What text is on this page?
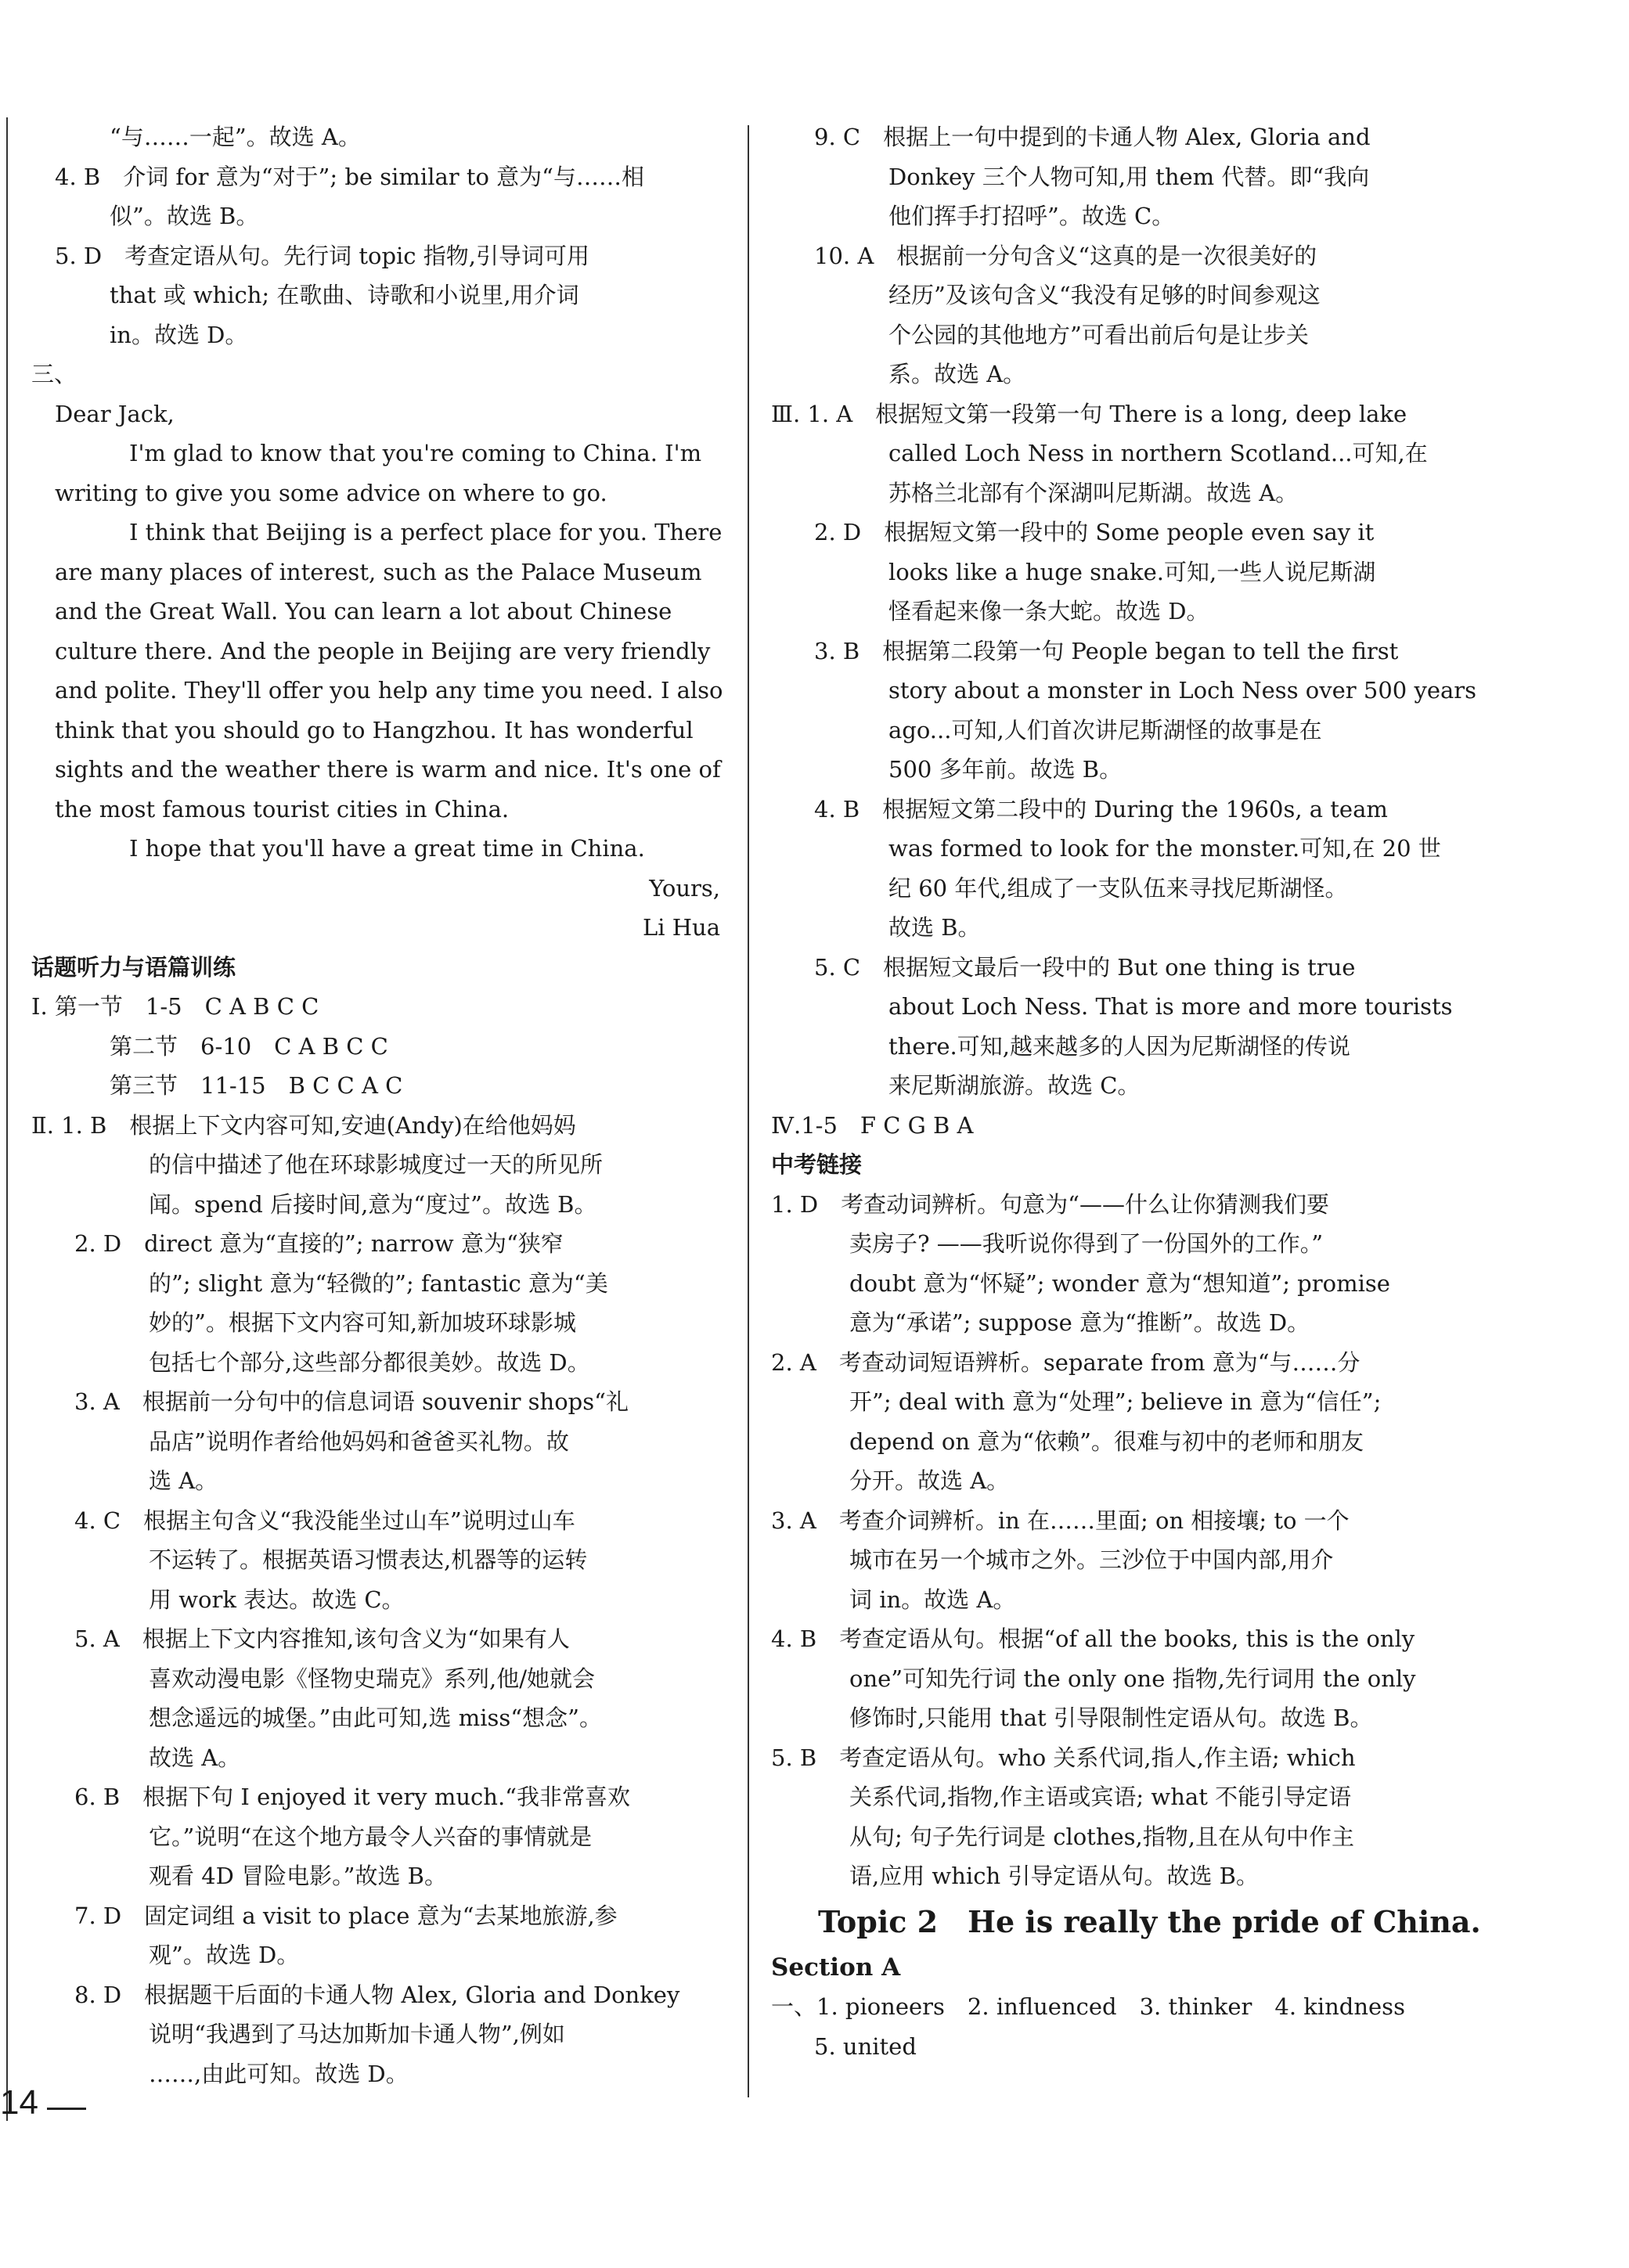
“与……一起”。故选 A。
4. B　介词 for 意为“对于”; be similar to 意为“与……相
似”。故选 B。
5. D　考查定语从句。先行词 topic 指物,引导词可用
that 或 which; 在歌曲、诗歌和小说里,用介词
in。故选 D。
三、
Dear Jack,
I'm glad to know that you're coming to China. I'm
writing to give you some advice on where to go.
I think that Beijing is a perfect place for you. There
are many places of interest, such as the Palace Museum
and the Great Wall. You can learn a lot about Chinese
culture there. And the people in Beijing are very friendly
and polite. They'll offer you help any time you need. I also
think that you should go to Hangzhou. It has wonderful
sights and the weather there is warm and nice. It's one of
the most famous tourist cities in China.
I hope that you'll have a great time in China.
Yours,
Li Hua
话题听力与语篇训练
Ⅰ. 第一节　1-5　C A B C C
第二节　6-10　C A B C C
第三节　11-15　B C C A C
Ⅱ. 1. B　根据上下文内容可知,安迪(Andy)在给他妈妈
的信中描述了他在环球影城度过一天的所见所
闻。spend 后接时间,意为“度过”。故选 B。
2. D　direct 意为“直接的”; narrow 意为“狭窄
的”; slight 意为“轻微的”; fantastic 意为“美
妙的”。根据下文内容可知,新加坡环球影城
包括七个部分,这些部分都很美妙。故选 D。
3. A　根据前一分句中的信息词语 souvenir shops“礼
品店”说明作者给他妈妈和爸爸买礼物。故
选 A。
4. C　根据主句含义“我没能坐过山车”说明过山车
不运转了。根据英语习惯表达,机器等的运转
用 work 表达。故选 C。
5. A　根据上下文内容推知,该句含义为“如果有人
喜欢动漫电影《怪物史瑞克》系列,他/她就会
想念遥远的城堡。”由此可知,选 miss“想念”。
故选 A。
6. B　根据下句 I enjoyed it very much.“我非常喜欢
它。”说明“在这个地方最令人兴奋的事情就是
观看 4D 冒险电影。”故选 B。
7. D　固定词组 a visit to place 意为“去某地旅游,参
观”。故选 D。
8. D　根据题干后面的卡通人物 Alex, Gloria and Donkey
说明“我遇到了马达加斯加卡通人物”,例如
……,由此可知。故选 D。
9. C　根据上一句中提到的卡通人物 Alex, Gloria and
Donkey 三个人物可知,用 them 代替。即“我向
他们挥手打招呼”。故选 C。
10. A　根据前一分句含义“这真的是一次很美好的
经历”及该句含义“我没有足够的时间参观这
个公园的其他地方”可看出前后句是让步关
系。故选 A。
Ⅲ. 1. A　根据短文第一段第一句 There is a long, deep lake
called Loch Ness in northern Scotland...可知,在
苏格兰北部有个深湖叫尼斯湖。故选 A。
2. D　根据短文第一段中的 Some people even say it
looks like a huge snake.可知,一些人说尼斯湖
怪看起来像一条大蛇。故选 D。
3. B　根据第二段第一句 People began to tell the first
story about a monster in Loch Ness over 500 years
ago...可知,人们首次讲尼斯湖怪的故事是在
500 多年前。故选 B。
4. B　根据短文第二段中的 During the 1960s, a team
was formed to look for the monster.可知,在 20 世
纪 60 年代,组成了一支队伍来寻找尼斯湖怪。
故选 B。
5. C　根据短文最后一段中的 But one thing is true
about Loch Ness. That is more and more tourists
there.可知,越来越多的人因为尼斯湖怪的传说
来尼斯湖旅游。故选 C。
Ⅳ.1-5　F C G B A
中考链接
1. D　考查动词辨析。句意为“——什么让你猜测我们要
卖房子? ——我听说你得到了一份国外的工作。”
doubt 意为“怀疑”; wonder 意为“想知道”; promise
意为“承诺”; suppose 意为“推断”。故选 D。
2. A　考查动词短语辨析。separate from 意为“与……分
开”; deal with 意为“处理”; believe in 意为“信任”;
depend on 意为“依赖”。很难与初中的老师和朋友
分开。故选 A。
3. A　考查介词辨析。in 在……里面; on 相接壤; to 一个
城市在另一个城市之外。三沙位于中国内部,用介
词 in。故选 A。
4. B　考查定语从句。根据“of all the books, this is the only
one”可知先行词 the only one 指物,先行词用 the only
修饰时,只能用 that 引导限制性定语从句。故选 B。
5. B　考查定语从句。who 关系代词,指人,作主语; which
关系代词,指物,作主语或宾语; what 不能引导定语
从句; 句子先行词是 clothes,指物,且在从句中作主
语,应用 which 引导定语从句。故选 B。
Topic 2　He is really the pride of China.
Section A
一、1. pioneers　2. influenced　3. thinker　4. kindness
5. united
14
